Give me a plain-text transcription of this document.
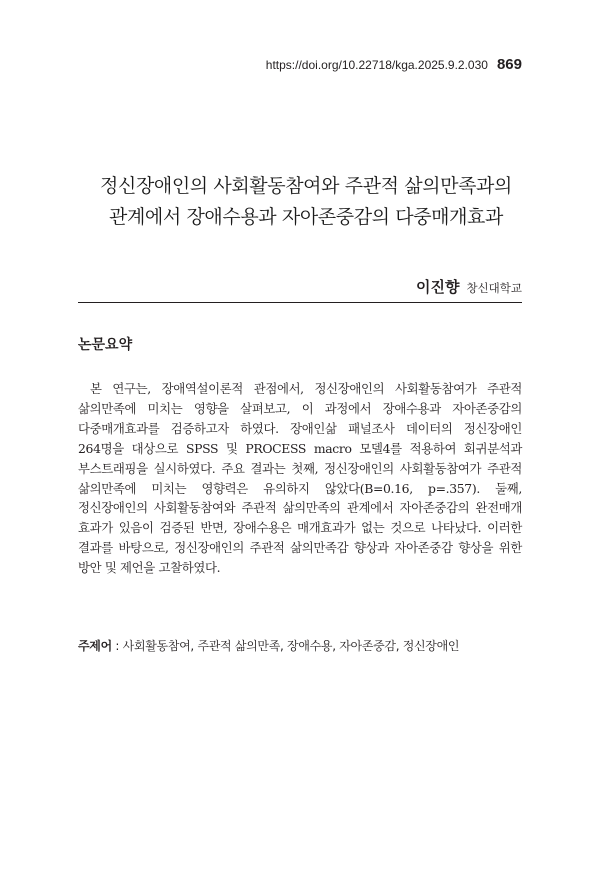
https://doi.org/10.22718/kga.2025.9.2.030 869
정신장애인의 사회활동참여와 주관적 삶의만족과의
관계에서 장애수용과 자아존중감의 다중매개효과
이진향 창신대학교
논문요약

본 연구는, 장애역설이론적 관점에서, 정신장애인의 사회활동참여가 주관적 삶의만족에 미치는 영향을 살펴보고, 이 과정에서 장애수용과 자아존중감의 다중매개효과를 검증하고자 하였다. 장애인삶 패널조사 데이터의 정신장애인 264명을 대상으로 SPSS 및 PROCESS macro 모델4를 적용하여 회귀분석과 부스트래핑을 실시하였다. 주요 결과는 첫째, 정신장애인의 사회활동참여가 주관적 삶의만족에 미치는 영향력은 유의하지 않았다(B=0.16, p=.357). 둘째, 정신장애인의 사회활동참여와 주관적 삶의만족의 관계에서 자아존중감의 완전매개 효과가 있음이 검증된 반면, 장애수용은 매개효과가 없는 것으로 나타났다. 이러한 결과를 바탕으로, 정신장애인의 주관적 삶의만족감 향상과 자아존중감 향상을 위한 방안 및 제언을 고찰하였다.

주제어 : 사회활동참여, 주관적 삶의만족, 장애수용, 자아존중감, 정신장애인
